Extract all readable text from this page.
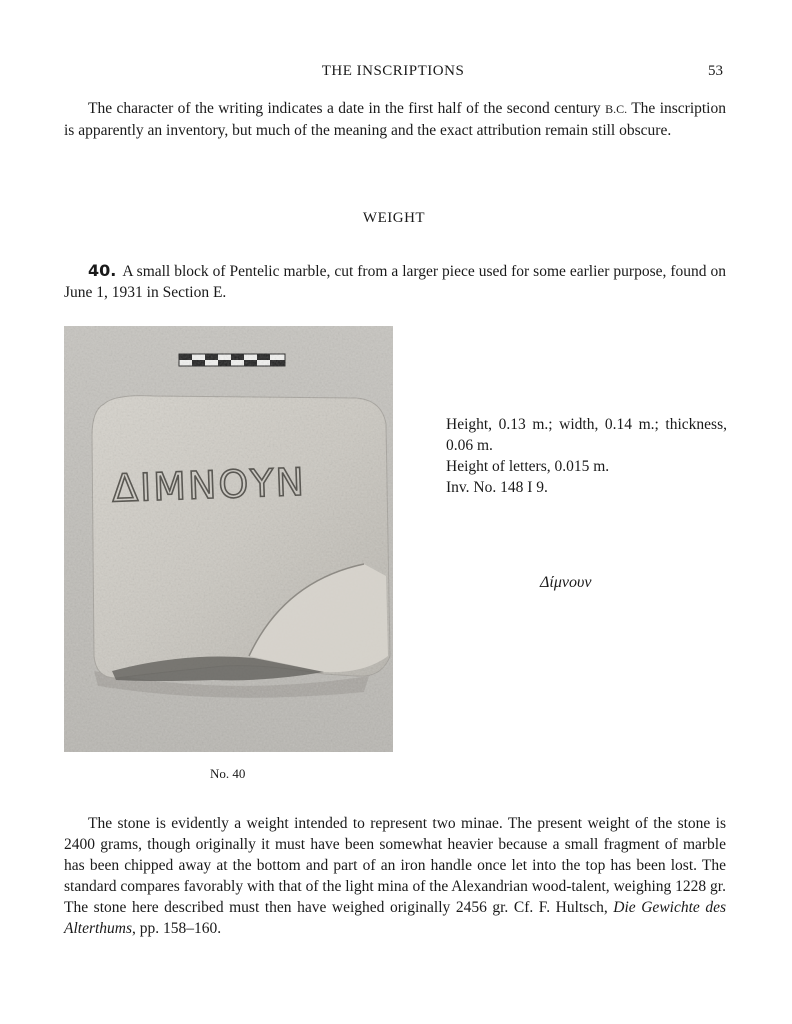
THE INSCRIPTIONS	53
The character of the writing indicates a date in the first half of the second century B.C. The inscription is apparently an inventory, but much of the meaning and the exact attribution remain still obscure.
WEIGHT
40. A small block of Pentelic marble, cut from a larger piece used for some earlier purpose, found on June 1, 1931 in Section Ε.
ΔΙΜΝΟΥΝ
No. 40
Height, 0.13 m.; width, 0.14 m.; thickness, 0.06 m.
Height of letters, 0.015 m.
Inv. No. 148 I 9.
Δίμνουν
The stone is evidently a weight intended to represent two minae. The present weight of the stone is 2400 grams, though originally it must have been somewhat heavier because a small fragment of marble has been chipped away at the bottom and part of an iron handle once let into the top has been lost. The standard compares favorably with that of the light mina of the Alexandrian wood-talent, weighing 1228 gr. The stone here described must then have weighed originally 2456 gr. Cf. F. Hultsch, Die Gewichte des Alterthums, pp. 158–160.
